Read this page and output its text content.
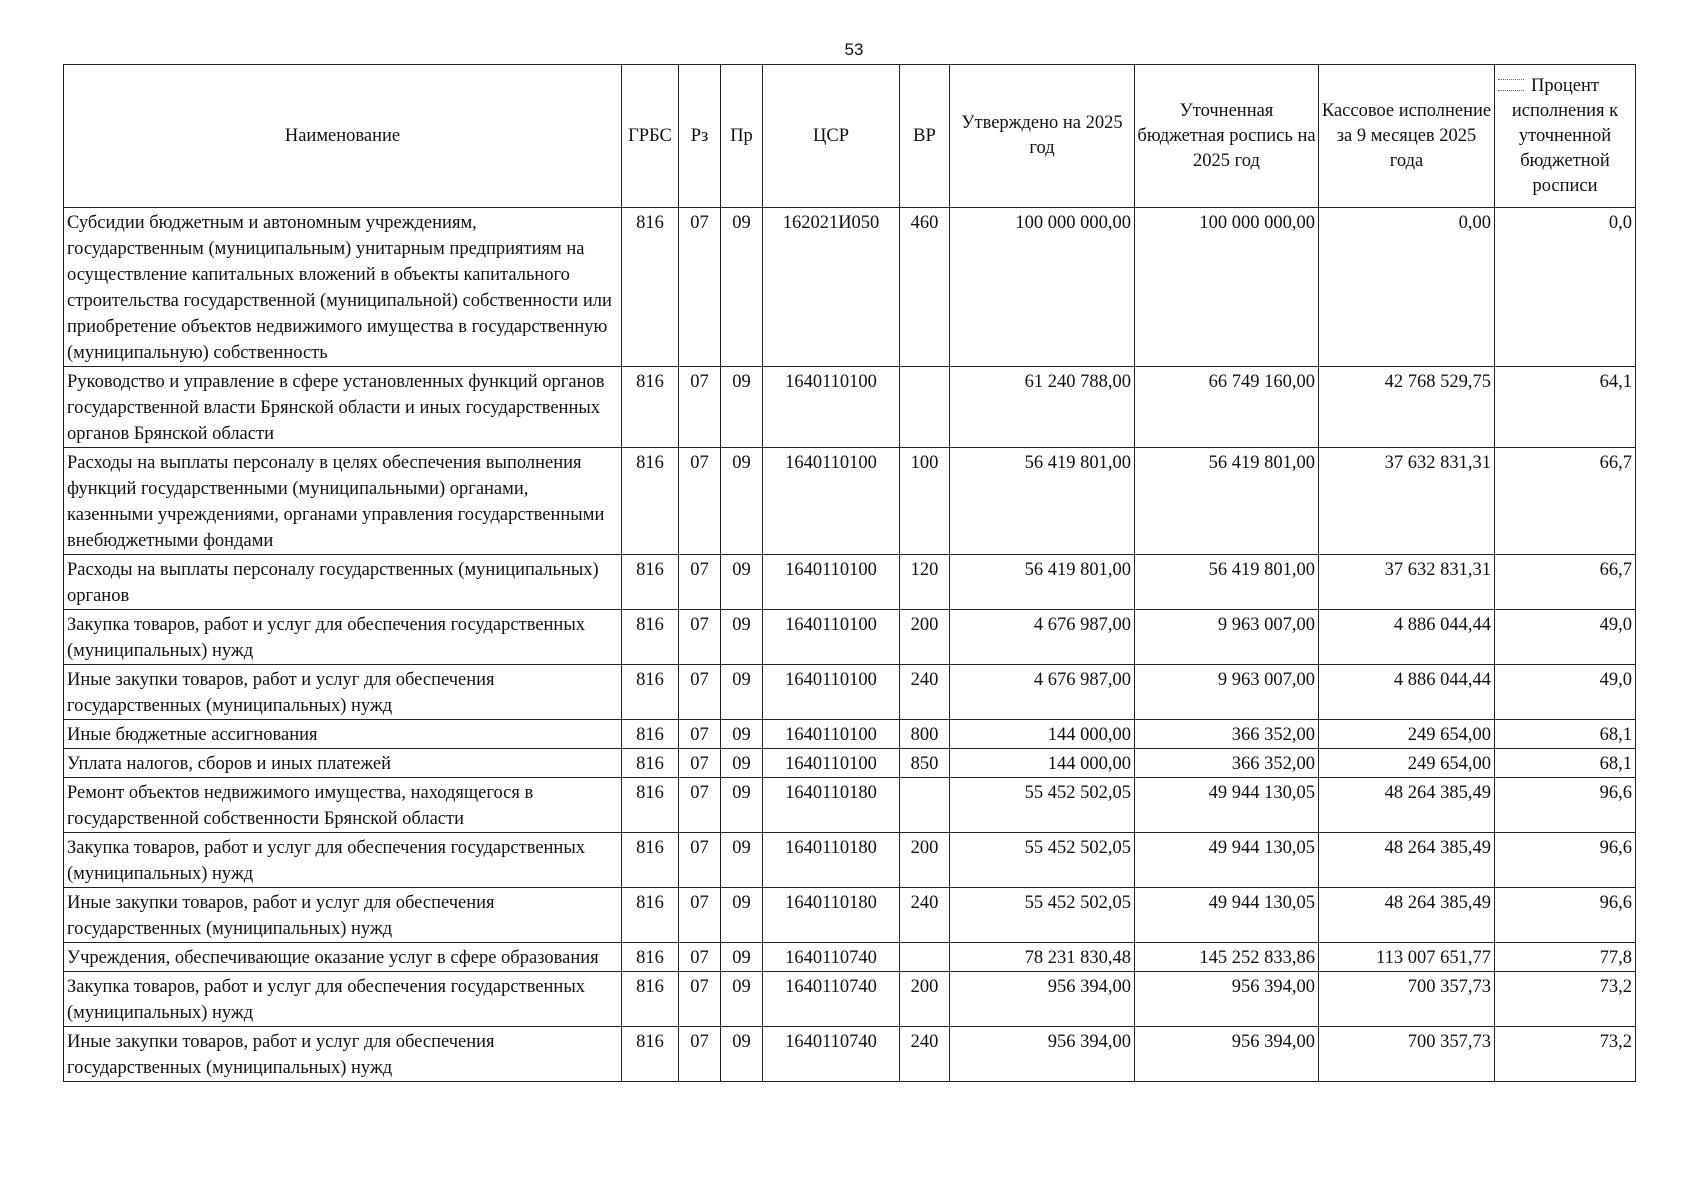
53
Наименование	ГРБС	Рз	Пр	ЦСР	ВР	Утверждено на 2025 год	Уточненная бюджетная роспись на 2025 год	Кассовое исполнение за 9 месяцев 2025 года	Процент исполнения к уточненной бюджетной росписи
Субсидии бюджетным и автономным учреждениям, государственным (муниципальным) унитарным предприятиям на осуществление капитальных вложений в объекты капитального строительства государственной (муниципальной) собственности или приобретение объектов недвижимого имущества в государственную (муниципальную) собственность	816	07	09	162021И050	460	100 000 000,00	100 000 000,00	0,00	0,0
Руководство и управление в сфере установленных функций органов государственной власти Брянской области и иных государственных органов Брянской области	816	07	09	1640110100		61 240 788,00	66 749 160,00	42 768 529,75	64,1
Расходы на выплаты персоналу в целях обеспечения выполнения функций государственными (муниципальными) органами, казенными учреждениями, органами управления государственными внебюджетными фондами	816	07	09	1640110100	100	56 419 801,00	56 419 801,00	37 632 831,31	66,7
Расходы на выплаты персоналу государственных (муниципальных) органов	816	07	09	1640110100	120	56 419 801,00	56 419 801,00	37 632 831,31	66,7
Закупка товаров, работ и услуг для обеспечения государственных (муниципальных) нужд	816	07	09	1640110100	200	4 676 987,00	9 963 007,00	4 886 044,44	49,0
Иные закупки товаров, работ и услуг для обеспечения государственных (муниципальных) нужд	816	07	09	1640110100	240	4 676 987,00	9 963 007,00	4 886 044,44	49,0
Иные бюджетные ассигнования	816	07	09	1640110100	800	144 000,00	366 352,00	249 654,00	68,1
Уплата налогов, сборов и иных платежей	816	07	09	1640110100	850	144 000,00	366 352,00	249 654,00	68,1
Ремонт объектов недвижимого имущества, находящегося в государственной собственности Брянской области	816	07	09	1640110180		55 452 502,05	49 944 130,05	48 264 385,49	96,6
Закупка товаров, работ и услуг для обеспечения государственных (муниципальных) нужд	816	07	09	1640110180	200	55 452 502,05	49 944 130,05	48 264 385,49	96,6
Иные закупки товаров, работ и услуг для обеспечения государственных (муниципальных) нужд	816	07	09	1640110180	240	55 452 502,05	49 944 130,05	48 264 385,49	96,6
Учреждения, обеспечивающие оказание услуг в сфере образования	816	07	09	1640110740		78 231 830,48	145 252 833,86	113 007 651,77	77,8
Закупка товаров, работ и услуг для обеспечения государственных (муниципальных) нужд	816	07	09	1640110740	200	956 394,00	956 394,00	700 357,73	73,2
Иные закупки товаров, работ и услуг для обеспечения государственных (муниципальных) нужд	816	07	09	1640110740	240	956 394,00	956 394,00	700 357,73	73,2
